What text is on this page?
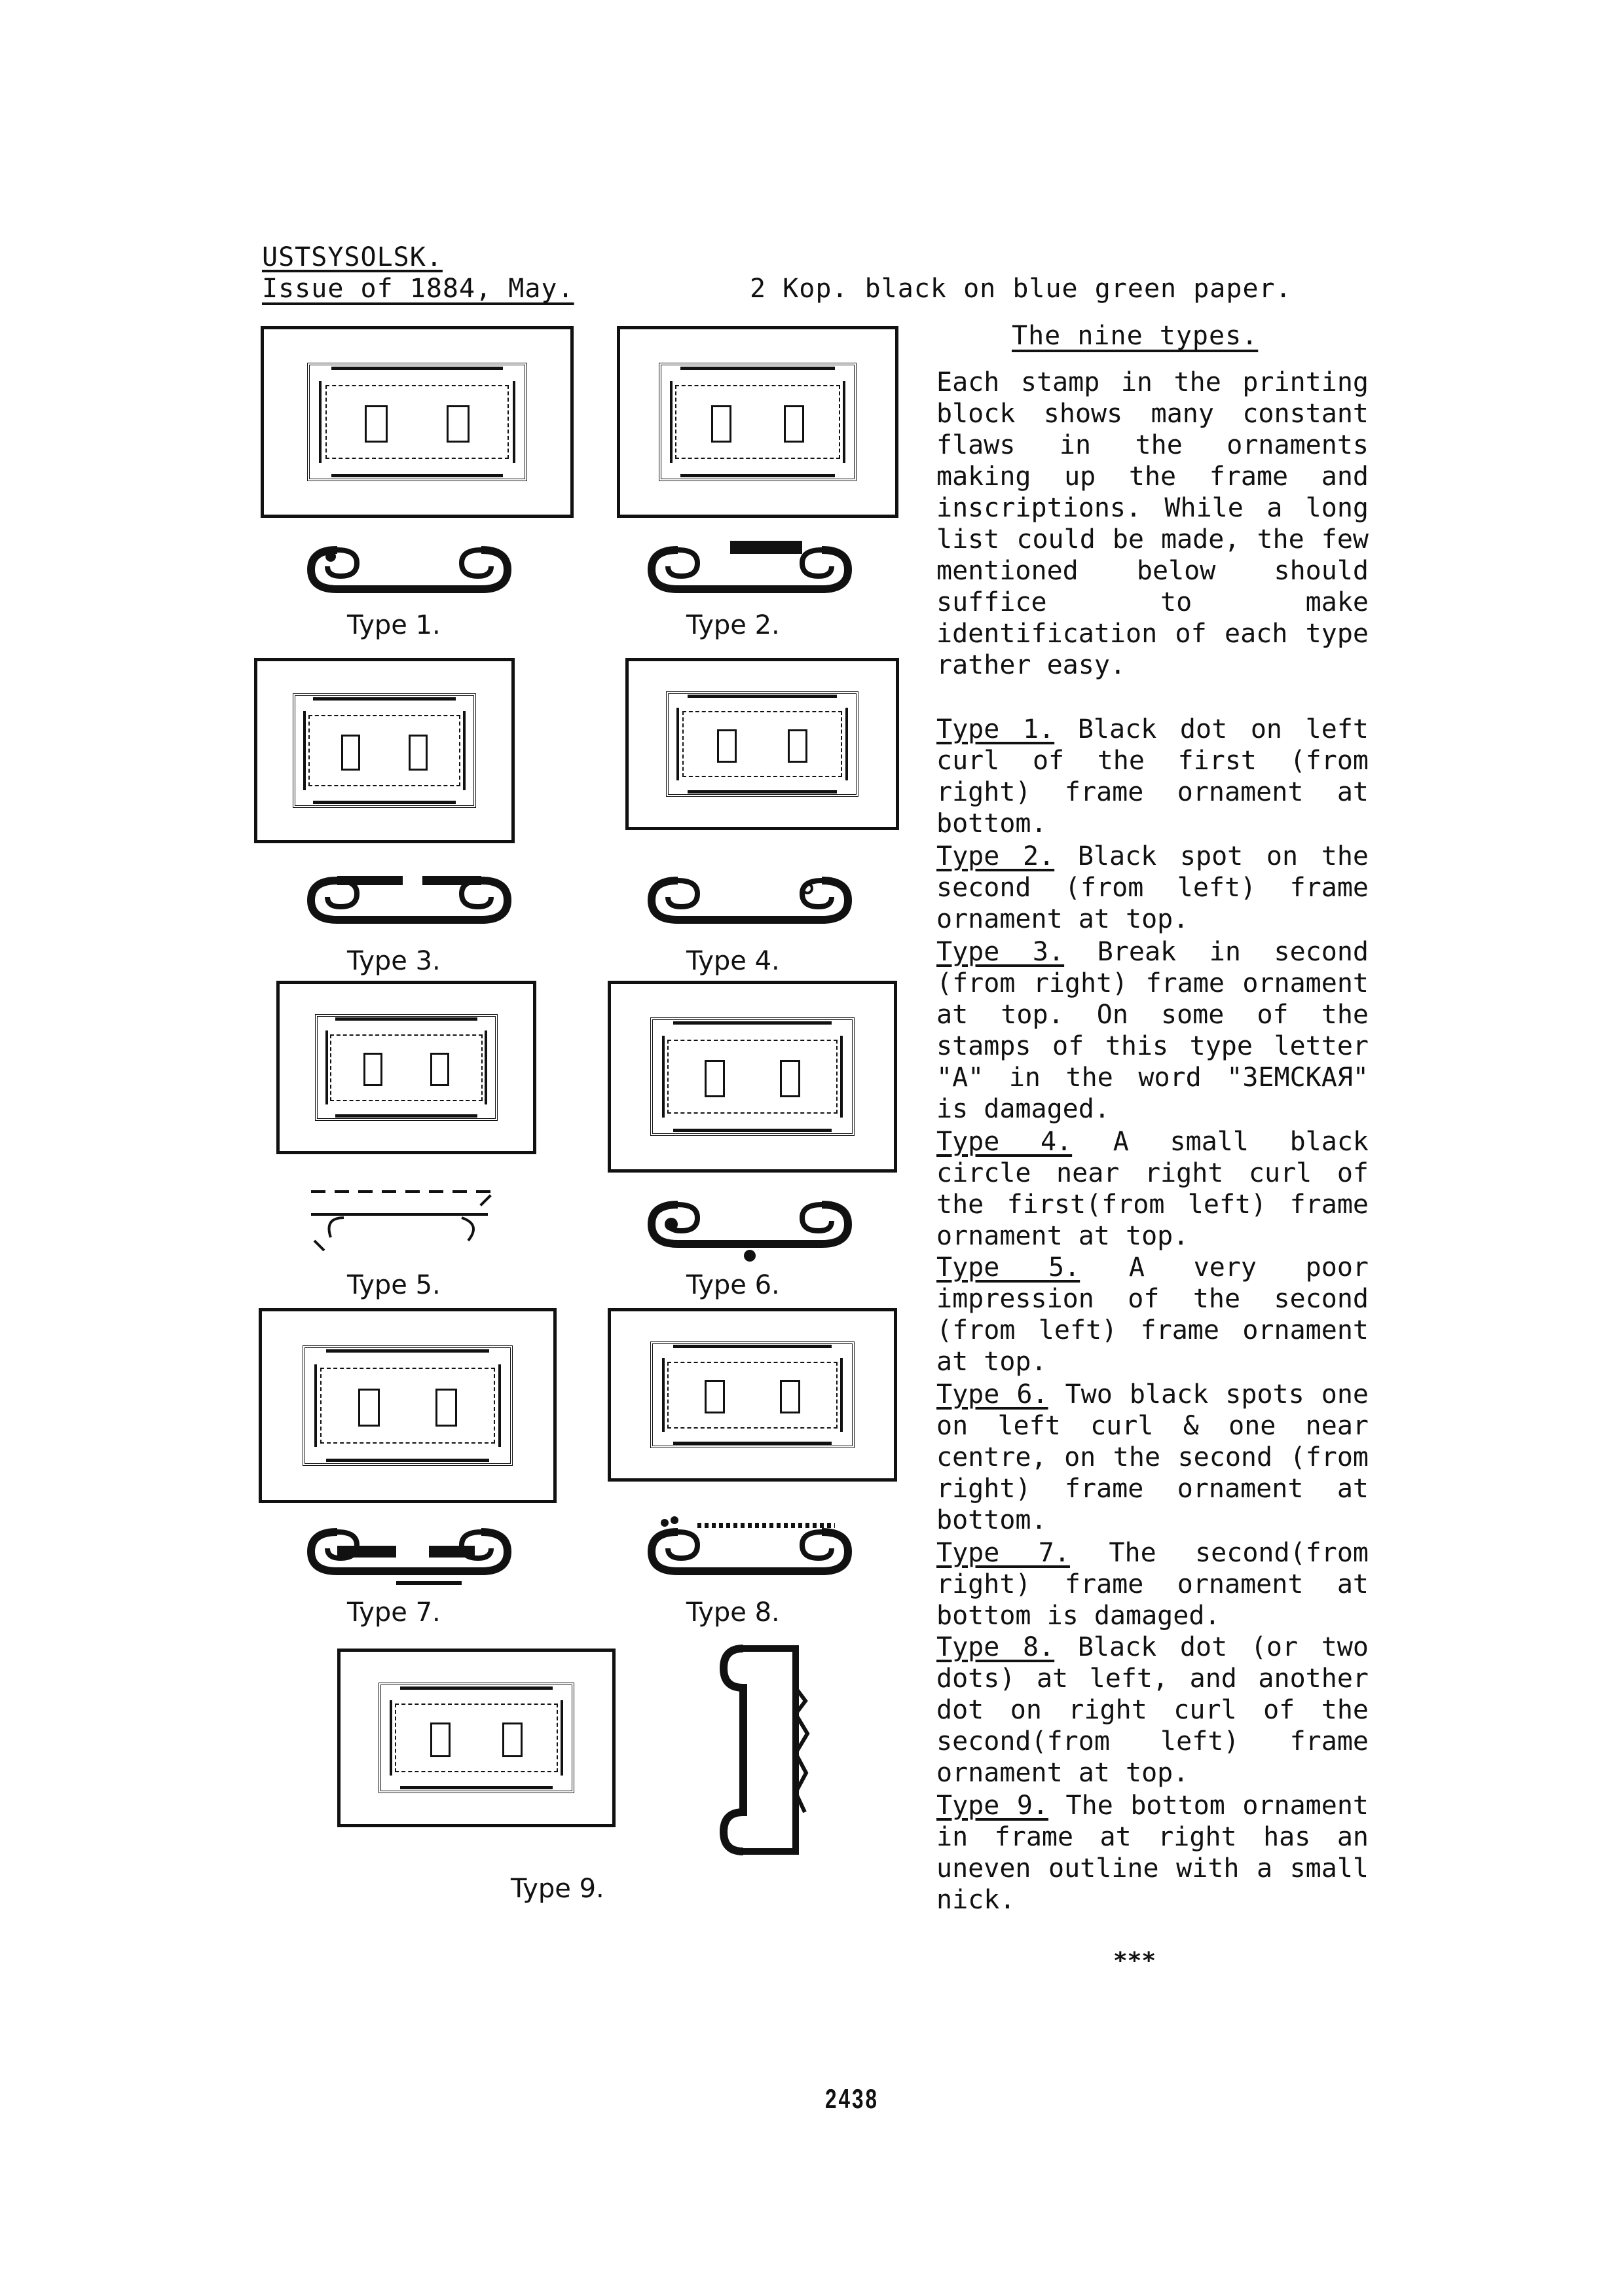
USTSYSOLSK.
Issue of 1884, May.	2 Kop. black on blue green paper.
The nine types.

Each stamp in the printing block shows many constant flaws in the ornaments making up the frame and inscriptions. While a long list could be made, the few mentioned below should suffice to make identification of each type rather easy.

Type 1. Black dot on left curl of the first (from right) frame ornament at bottom.
Type 2. Black spot on the second (from left) frame ornament at top.
Type 3. Break in second (from right) frame ornament at top. On some of the stamps of this type letter "A" in the word "ЗЕМСКАЯ" is damaged.
Type 4. A small black circle near right curl of the first(from left) frame ornament at top.
Type 5. A very poor impression of the second (from left) frame ornament at top.
Type 6. Two black spots one on left curl & one near centre, on the second (from right) frame ornament at bottom.
Type 7. The second(from right) frame ornament at bottom is damaged.
Type 8. Black dot (or two dots) at left, and another dot on right curl of the second(from left) frame ornament at top.
Type 9. The bottom ornament in frame at right has an uneven outline with a small nick.
***
Type 1.	Type 2.
Type 3.	Type 4.
Type 5.	Type 6.
Type 7.	Type 8.
Type 9.
2438
